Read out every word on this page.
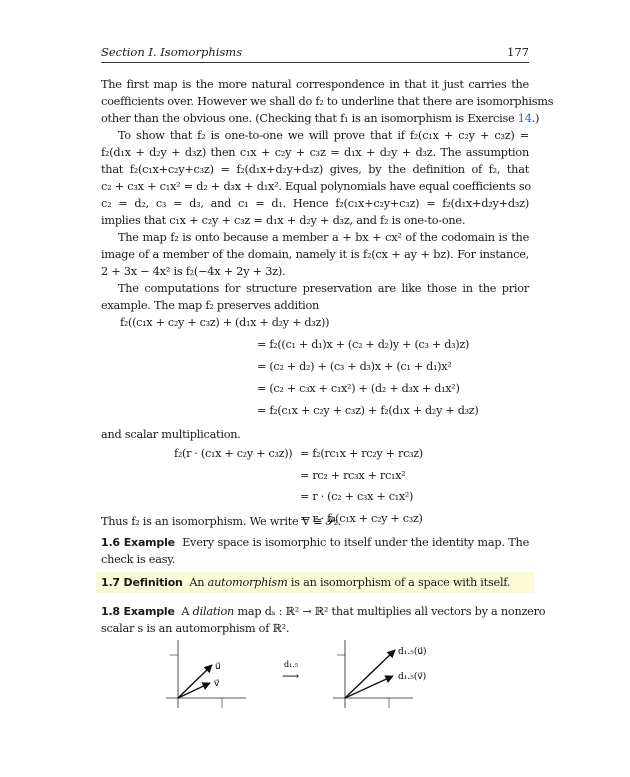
Section I. Isomorphisms	177
The first map is the more natural correspondence in that it just carries the
coefficients over. However we shall do f₂ to underline that there are isomorphisms
other than the obvious one. (Checking that f₁ is an isomorphism is Exercise 14.)
To show that f₂ is one-to-one we will prove that if f₂(c₁x + c₂y + c₃z) =
f₂(d₁x + d₂y + d₃z) then c₁x + c₂y + c₃z = d₁x + d₂y + d₃z. The assumption
that f₂(c₁x+c₂y+c₃z) = f₂(d₁x+d₂y+d₃z) gives, by the definition of f₂, that
c₂ + c₃x + c₁x² = d₂ + d₃x + d₁x². Equal polynomials have equal coefficients so
c₂ = d₂, c₃ = d₃, and c₁ = d₁. Hence f₂(c₁x+c₂y+c₃z) = f₂(d₁x+d₂y+d₃z)
implies that c₁x + c₂y + c₃z = d₁x + d₂y + d₃z, and f₂ is one-to-one.
The map f₂ is onto because a member a + bx + cx² of the codomain is the
image of a member of the domain, namely it is f₂(cx + ay + bz). For instance,
2 + 3x − 4x² is f₂(−4x + 2y + 3z).
The computations for structure preservation are like those in the prior
example. The map f₂ preserves addition
f₂((c₁x + c₂y + c₃z) + (d₁x + d₂y + d₃z))
= f₂((c₁ + d₁)x + (c₂ + d₂)y + (c₃ + d₃)z)
= (c₂ + d₂) + (c₃ + d₃)x + (c₁ + d₁)x²
= (c₂ + c₃x + c₁x²) + (d₂ + d₃x + d₁x²)
= f₂(c₁x + c₂y + c₃z) + f₂(d₁x + d₂y + d₃z)
and scalar multiplication.
f₂(r · (c₁x + c₂y + c₃z)) = f₂(rc₁x + rc₂y + rc₃z)
= rc₂ + rc₃x + rc₁x²
= r · (c₂ + c₃x + c₁x²)
= r · f₂(c₁x + c₂y + c₃z)
Thus f₂ is an isomorphism. We write V ≅ 𝒫₂.
1.6 Example Every space is isomorphic to itself under the identity map. The
check is easy.
1.7 Definition An automorphism is an isomorphism of a space with itself.
1.8 Example A dilation map dₛ : ℝ² → ℝ² that multiplies all vectors by a nonzero
scalar s is an automorphism of ℝ².
u⃗
v⃗
d₁.₅
⟶
d₁.₅(u⃗)
d₁.₅(v⃗)
